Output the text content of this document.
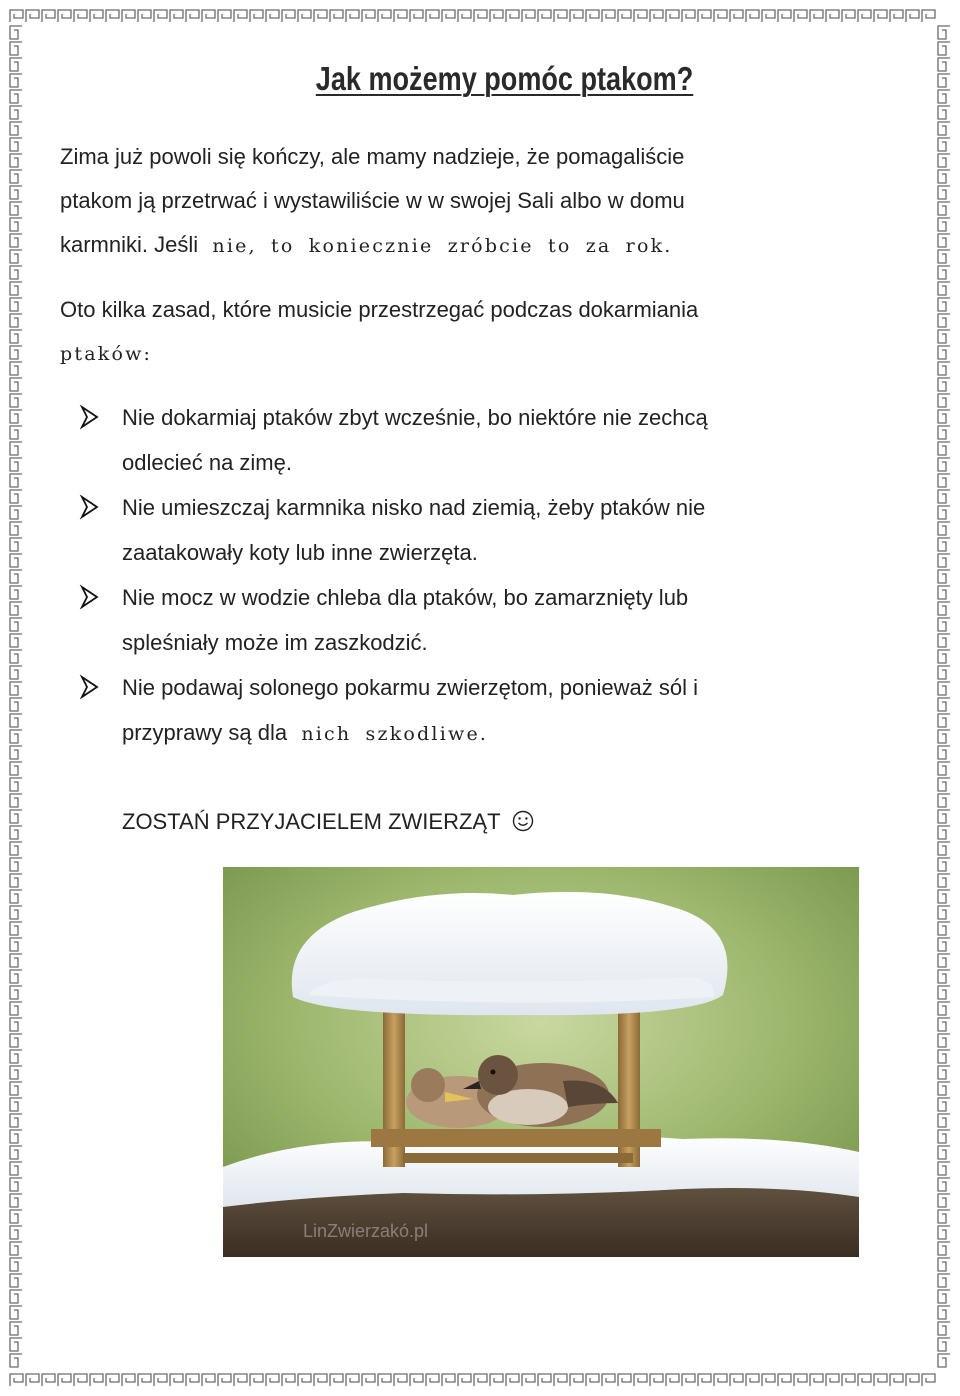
Jak możemy pomóc ptakom?

Zima już powoli się kończy, ale mamy nadzieje, że pomagaliście

ptakom ją przetrwać i wystawiliście w w swojej Sali albo w domu

karmniki. Jeśli nie, to koniecznie zróbcie to za rok.

Oto kilka zasad, które musicie przestrzegać podczas dokarmiania

ptaków:

Nie dokarmiaj ptaków zbyt wcześnie, bo niektóre nie zechcą
odlecieć na zimę.
Nie umieszczaj karmnika nisko nad ziemią, żeby ptaków nie
zaatakowały koty lub inne zwierzęta.
Nie mocz w wodzie chleba dla ptaków, bo zamarznięty lub
spleśniały może im zaszkodzić.
Nie podawaj solonego pokarmu zwierzętom, ponieważ sól i
przyprawy są dla nich szkodliwe.
ZOSTAŃ PRZYJACIELEM ZWIERZĄT
LinZwierzakó.pl
